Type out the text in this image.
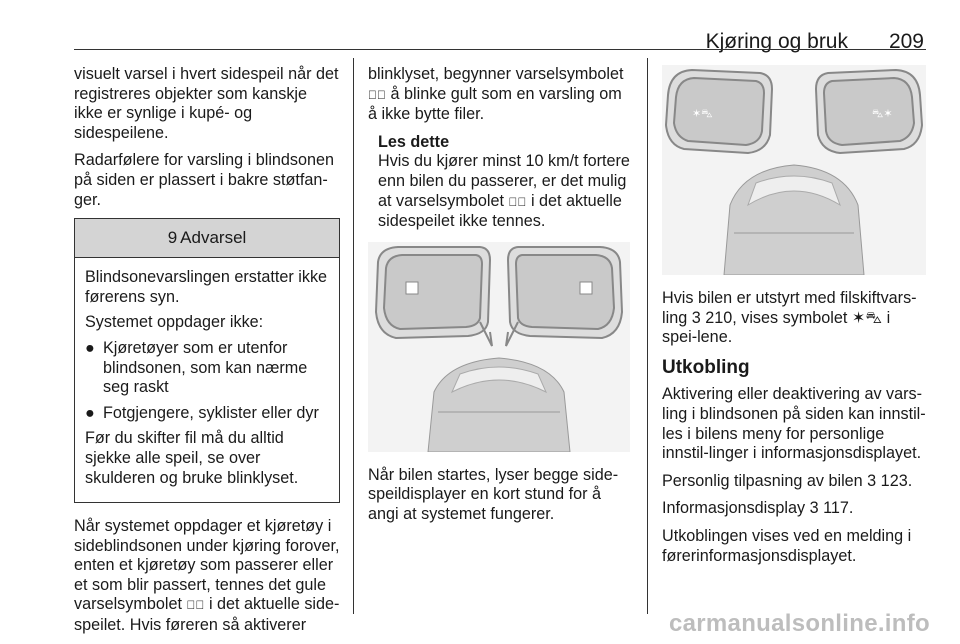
Kjøring og bruk 209

visuelt varsel i hvert sidespeil når det registreres objekter som kanskje ikke er synlige i kupé- og sidespeilene.

Radarfølere for varsling i blindsonen på siden er plassert i bakre støtfan-ger.

9 Advarsel

Blindsonevarslingen erstatter ikke førerens syn.

Systemet oppdager ikke:

● Kjøretøyer som er utenfor blindsonen, som kan nærme seg raskt
● Fotgjengere, syklister eller dyr

Før du skifter fil må du alltid sjekke alle speil, se over skulderen og bruke blinklyset.

Når systemet oppdager et kjøretøy i sideblindsonen under kjøring forover, enten et kjøretøy som passerer eller et som blir passert, tennes det gule varselsymbolet ⁖⃞ i det aktuelle side-speilet. Hvis føreren så aktiverer

blinklyset, begynner varselsymbolet ⁖⃞ å blinke gult som en varsling om å ikke bytte filer.

Les dette
Hvis du kjører minst 10 km/t fortere enn bilen du passerer, er det mulig at varselsymbolet ⁖⃞ i det aktuelle sidespeilet ikke tennes.

Når bilen startes, lyser begge side-speildisplayer en kort stund for å angi at systemet fungerer.

✶⛍	⛍✶

Hvis bilen er utstyrt med filskiftvars-ling 3 210, vises symbolet ✶⛍ i spei-lene.

Utkobling

Aktivering eller deaktivering av vars-ling i blindsonen på siden kan innstil-les i bilens meny for personlige innstil-linger i informasjonsdisplayet.

Personlig tilpasning av bilen 3 123.

Informasjonsdisplay 3 117.

Utkoblingen vises ved en melding i førerinformasjonsdisplayet.

carmanualsonline.info
